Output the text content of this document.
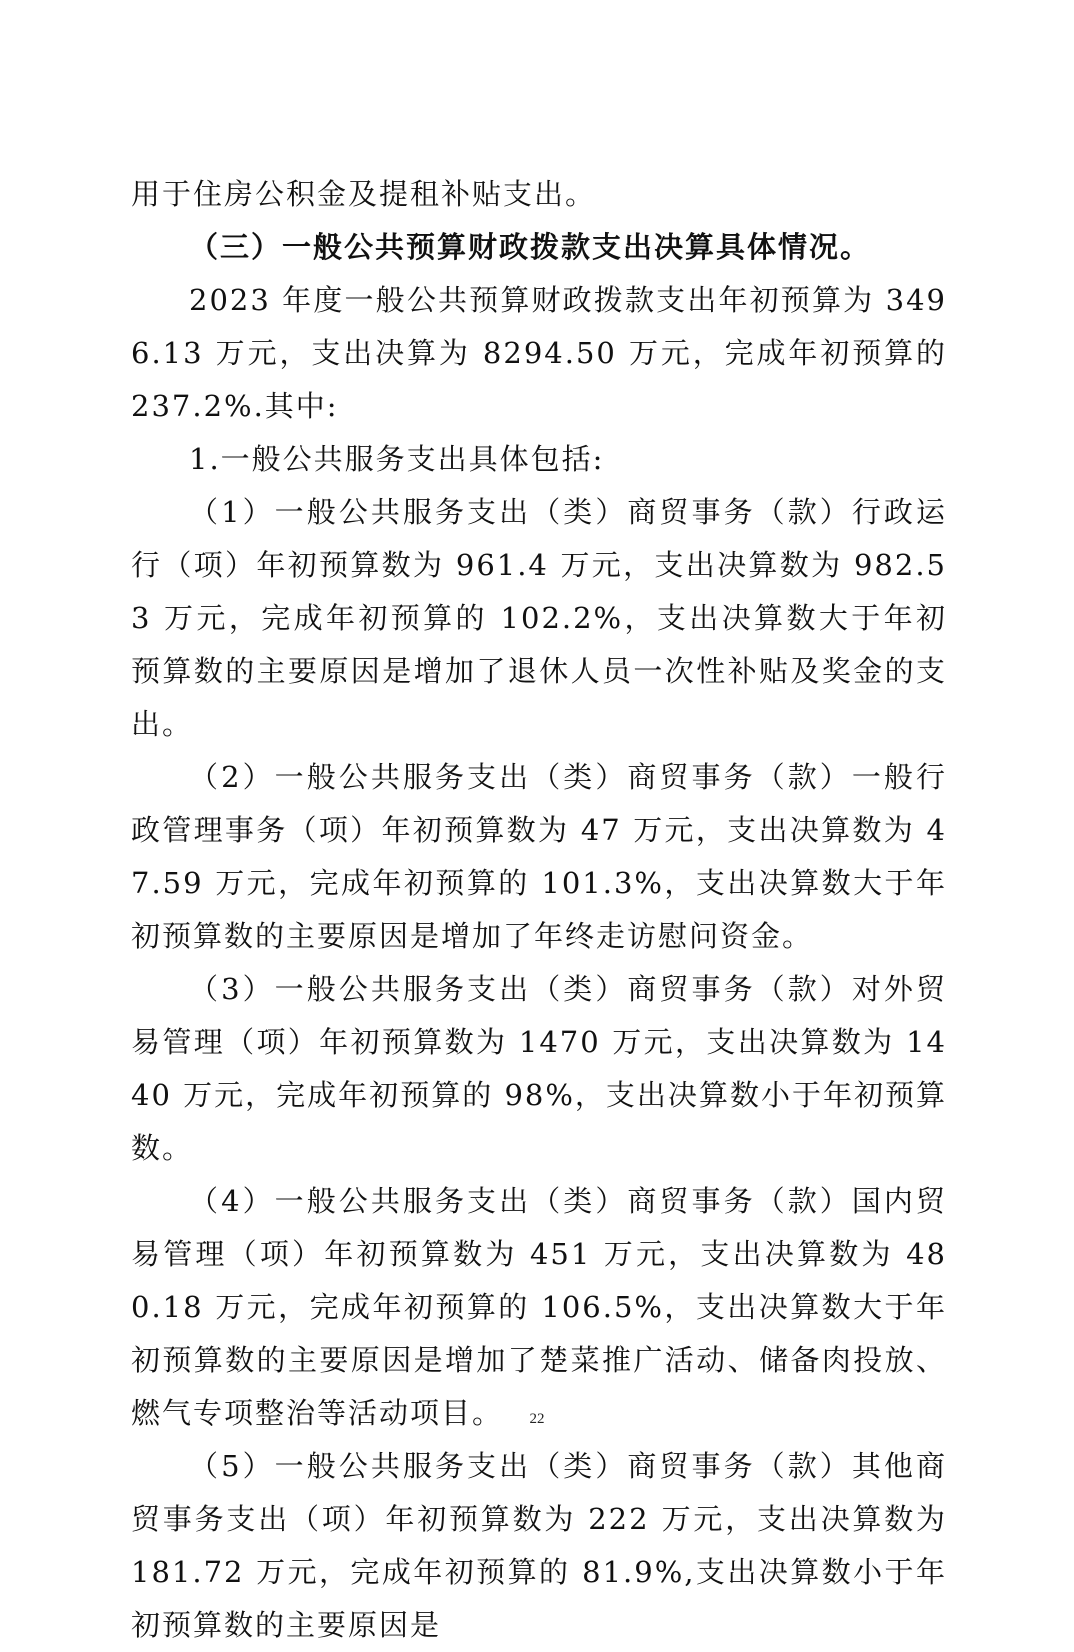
用于住房公积金及提租补贴支出。

（三）一般公共预算财政拨款支出决算具体情况。

2023 年度一般公共预算财政拨款支出年初预算为 3496.13 万元，支出决算为 8294.50 万元，完成年初预算的 237.2%.其中:

1.一般公共服务支出具体包括:

（1）一般公共服务支出（类）商贸事务（款）行政运行（项）年初预算数为 961.4 万元，支出决算数为 982.53 万元，完成年初预算的 102.2%，支出决算数大于年初预算数的主要原因是增加了退休人员一次性补贴及奖金的支出。

（2）一般公共服务支出（类）商贸事务（款）一般行政管理事务（项）年初预算数为 47 万元，支出决算数为 47.59 万元，完成年初预算的 101.3%，支出决算数大于年初预算数的主要原因是增加了年终走访慰问资金。

（3）一般公共服务支出（类）商贸事务（款）对外贸易管理（项）年初预算数为 1470 万元，支出决算数为 1440 万元，完成年初预算的 98%，支出决算数小于年初预算数。

（4）一般公共服务支出（类）商贸事务（款）国内贸易管理（项）年初预算数为 451 万元，支出决算数为 480.18 万元，完成年初预算的 106.5%，支出决算数大于年初预算数的主要原因是增加了楚菜推广活动、储备肉投放、燃气专项整治等活动项目。

（5）一般公共服务支出（类）商贸事务（款）其他商贸事务支出（项）年初预算数为 222 万元，支出决算数为 181.72 万元，完成年初预算的 81.9%,支出决算数小于年初预算数的主要原因是

22
